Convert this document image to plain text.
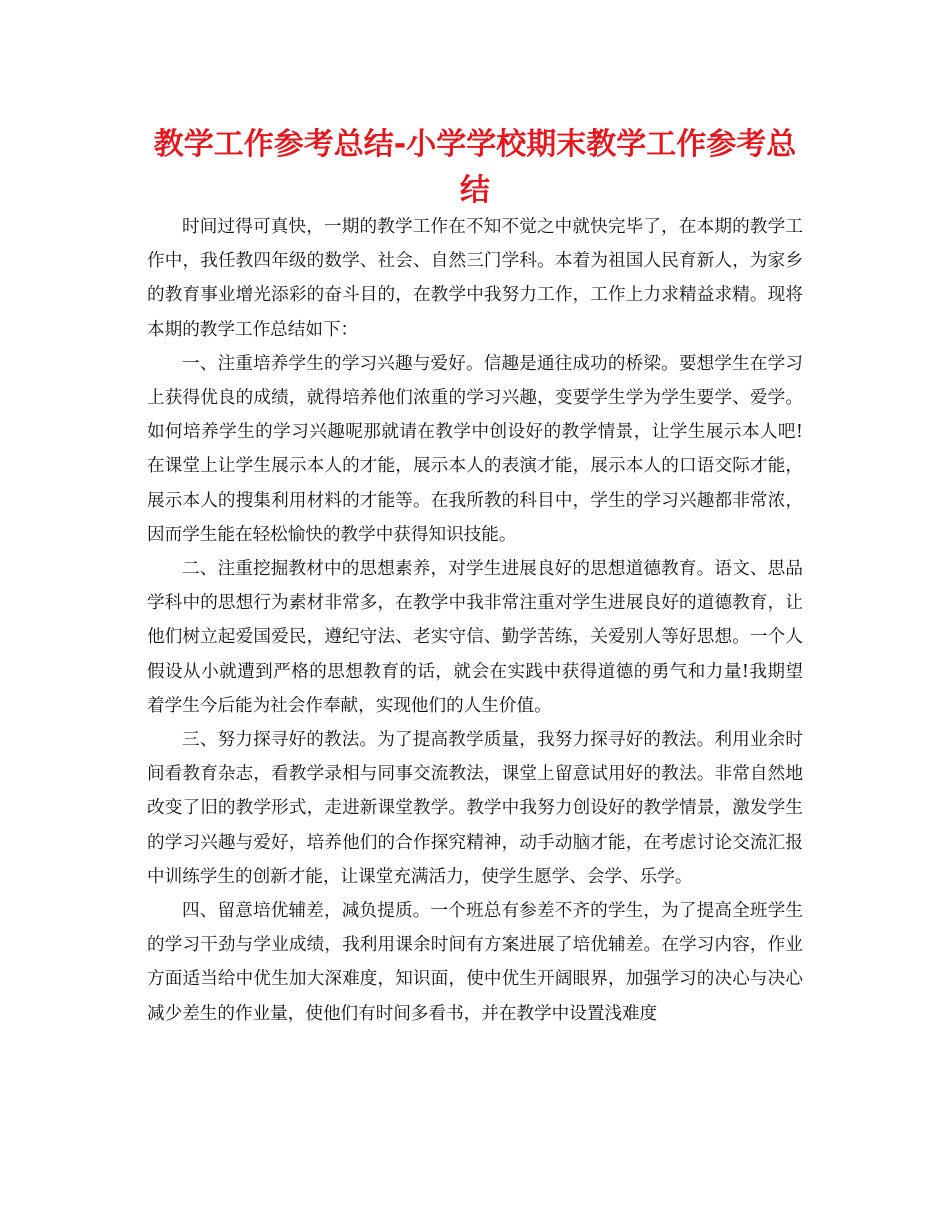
教学工作参考总结-小学学校期末教学工作参考总结

时间过得可真快，一期的教学工作在不知不觉之中就快完毕了，在本期的教学工作中，我任教四年级的数学、社会、自然三门学科。本着为祖国人民育新人，为家乡的教育事业增光添彩的奋斗目的，在教学中我努力工作，工作上力求精益求精。现将本期的教学工作总结如下：

一、注重培养学生的学习兴趣与爱好。信趣是通往成功的桥梁。要想学生在学习上获得优良的成绩，就得培养他们浓重的学习兴趣，变要学生学为学生要学、爱学。如何培养学生的学习兴趣呢那就请在教学中创设好的教学情景，让学生展示本人吧!在课堂上让学生展示本人的才能，展示本人的表演才能，展示本人的口语交际才能，展示本人的搜集利用材料的才能等。在我所教的科目中，学生的学习兴趣都非常浓，因而学生能在轻松愉快的教学中获得知识技能。

二、注重挖掘教材中的思想素养，对学生进展良好的思想道德教育。语文、思品学科中的思想行为素材非常多，在教学中我非常注重对学生进展良好的道德教育，让他们树立起爱国爱民，遵纪守法、老实守信、勤学苦练，关爱别人等好思想。一个人假设从小就遭到严格的思想教育的话，就会在实践中获得道德的勇气和力量!我期望着学生今后能为社会作奉献，实现他们的人生价值。

三、努力探寻好的教法。为了提高教学质量，我努力探寻好的教法。利用业余时间看教育杂志，看教学录相与同事交流教法，课堂上留意试用好的教法。非常自然地改变了旧的教学形式，走进新课堂教学。教学中我努力创设好的教学情景，激发学生的学习兴趣与爱好，培养他们的合作探究精神，动手动脑才能，在考虑讨论交流汇报中训练学生的创新才能，让课堂充满活力，使学生愿学、会学、乐学。

四、留意培优辅差，减负提质。一个班总有参差不齐的学生，为了提高全班学生的学习干劲与学业成绩，我利用课余时间有方案进展了培优辅差。在学习内容，作业方面适当给中优生加大深难度，知识面，使中优生开阔眼界，加强学习的决心与决心减少差生的作业量，使他们有时间多看书，并在教学中设置浅难度
